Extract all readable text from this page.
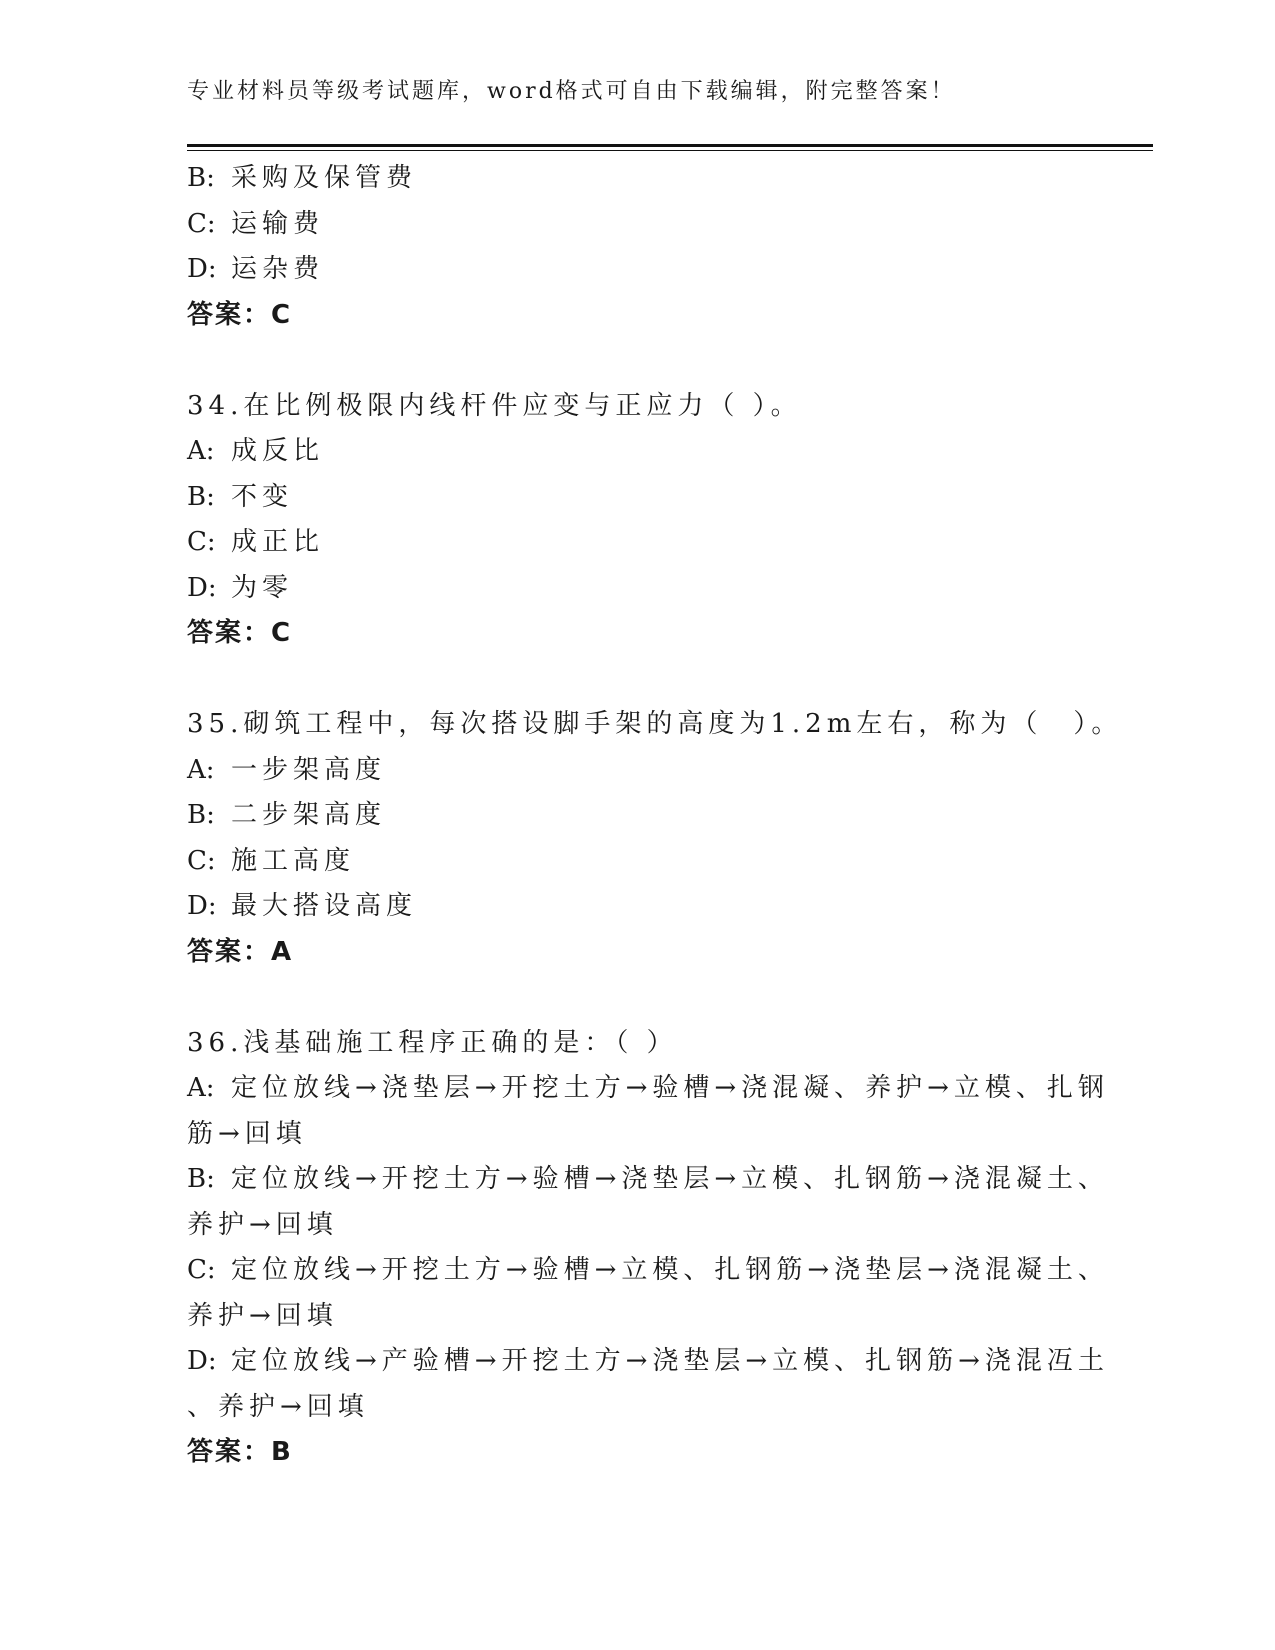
专业材料员等级考试题库，word格式可自由下载编辑，附完整答案！
B: 采购及保管费
C: 运输费
D: 运杂费
答案：C
34.在比例极限内线杆件应变与正应力（ ）。
A: 成反比
B: 不变
C: 成正比
D: 为零
答案：C
35.砌筑工程中，每次搭设脚手架的高度为1.2m左右，称为（　）。
A: 一步架高度
B: 二步架高度
C: 施工高度
D: 最大搭设高度
答案：A
36.浅基础施工程序正确的是：（ ）
A: 定位放线→浇垫层→开挖土方→验槽→浇混凝、养护→立模、扎钢
筋→回填
B: 定位放线→开挖土方→验槽→浇垫层→立模、扎钢筋→浇混凝土、
养护→回填
C: 定位放线→开挖土方→验槽→立模、扎钢筋→浇垫层→浇混凝土、
养护→回填
D: 定位放线→产验槽→开挖土方→浇垫层→立模、扎钢筋→浇混冱土
、养护→回填
答案：B
